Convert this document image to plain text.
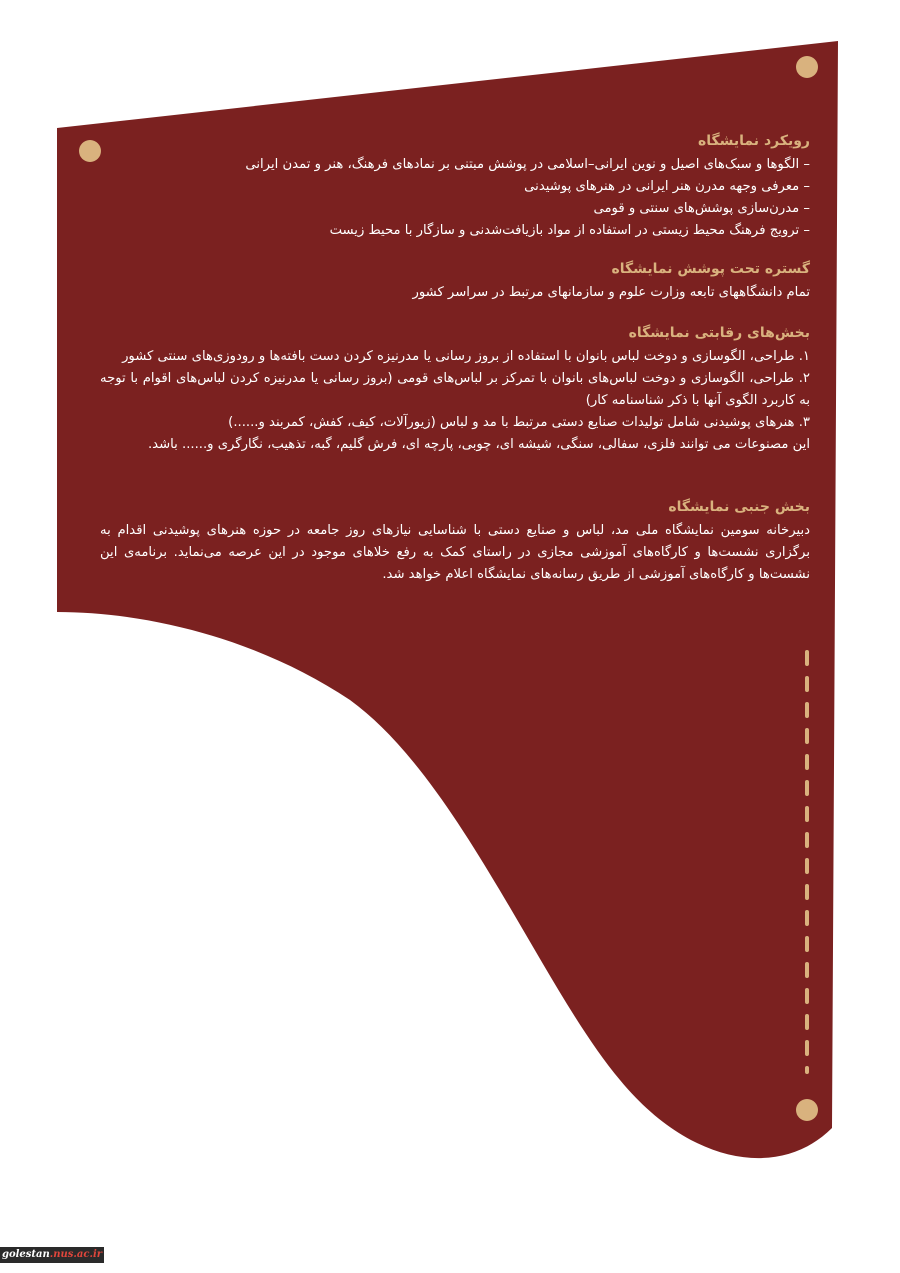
رویکرد نمایشگاه

– الگوها و سبک‌های اصیل و نوین ایرانی–اسلامی در پوشش مبتنی بر نمادهای فرهنگ، هنر و تمدن ایرانی

– معرفی وجهه مدرن هنر ایرانی در هنرهای پوشیدنی

– مدرن‌سازی پوشش‌های سنتی و قومی

– ترویج فرهنگ محیط زیستی در استفاده از مواد بازیافت‌شدنی و سازگار با محیط زیست

گستره تحت پوشش نمایشگاه

تمام دانشگاههای تابعه وزارت علوم و سازمانهای مرتبط در سراسر کشور

بخش‌های رقابتی نمایشگاه

۱. طراحی، الگوسازی و دوخت لباس بانوان با استفاده از بروز رسانی یا مدرنیزه کردن دست بافته‌ها و رودوزی‌های سنتی کشور

۲. طراحی، الگوسازی و دوخت لباس‌های بانوان با تمرکز بر لباس‌های قومی (بروز رسانی یا مدرنیزه کردن لباس‌های اقوام با توجه به کاربرد الگوی آنها با ذکر شناسنامه کار)

۳. هنرهای پوشیدنی شامل تولیدات صنایع دستی مرتبط با مد و لباس (زیورآلات، کیف، کفش، کمربند و......)

این مصنوعات می توانند فلزی، سفالی، سنگی، شیشه ای، چوبی، پارچه ای، فرش گلیم، گبه، تذهیب، نگارگری و...... باشد.

بخش جنبی نمایشگاه

دبیرخانه سومین نمایشگاه ملی مد، لباس و صنایع دستی با شناسایی نیازهای روز جامعه در حوزه هنرهای پوشیدنی اقدام به برگزاری نشست‌ها و کارگاه‌های آموزشی مجازی در راستای کمک به رفع خلاهای موجود در این عرصه می‌نماید. برنامه‌ی این نشست‌ها و کارگاه‌های آموزشی از طریق رسانه‌های نمایشگاه اعلام خواهد شد.

golestan.nus.ac.ir
